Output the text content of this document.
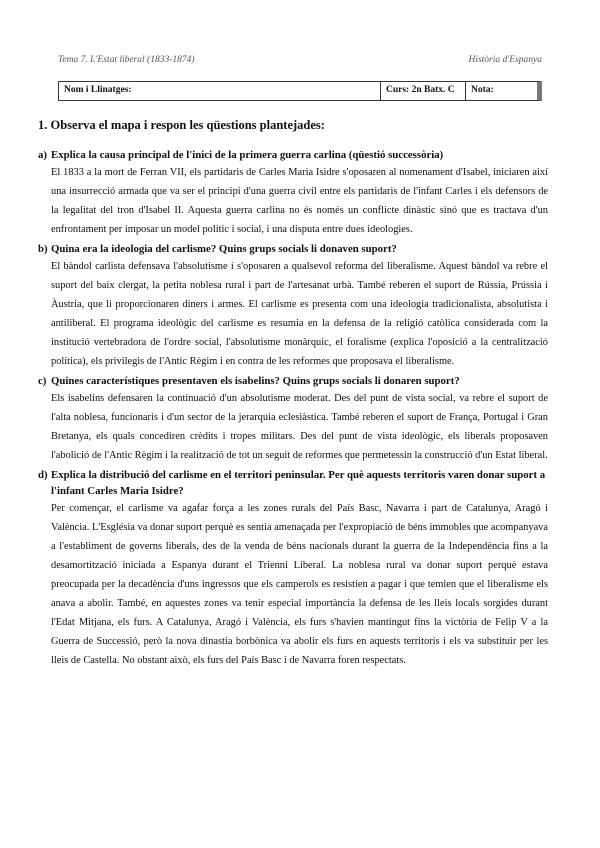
Tema 7. L'Estat liberal (1833-1874)	Història d'Espanya
Nom i Llinatges:	Curs: 2n Batx. C	Nota:

1. Observa el mapa i respon les qüestions plantejades:

a) Explica la causa principal de l'inici de la primera guerra carlina (qüestió successòria)

El 1833 a la mort de Ferran VII, els partidaris de Carles Maria Isidre s'oposaren al nomenament d'Isabel, iniciaren així una insurrecció armada que va ser el principi d'una guerra civil entre els partidaris de l'infant Carles i els defensors de la legalitat del tron d'Isabel II. Aquesta guerra carlina no és només un conflicte dinàstic sinó que es tractava d'un enfrontament per imposar un model polític i social, i una disputa entre dues ideologies.

b) Quina era la ideologia del carlisme? Quins grups socials li donaven suport?

El bàndol carlista defensava l'absolutisme i s'oposaren a qualsevol reforma del liberalisme. Aquest bàndol va rebre el suport del baix clergat, la petita noblesa rural i part de l'artesanat urbà. També reberen el suport de Rússia, Prússia i Àustria, que li proporcionaren diners i armes. El carlisme es presenta com una ideologia tradicionalista, absolutista i antiliberal. El programa ideològic del carlisme es resumia en la defensa de la religió catòlica considerada com la institució vertebradora de l'ordre social, l'absolutisme monàrquic, el foralisme (explica l'oposició a la centralització política), els privilegis de l'Antic Règim i en contra de les reformes que proposava el liberalisme.

c) Quines característiques presentaven els isabelins? Quins grups socials li donaren suport?

Els isabelins defensaren la continuació d'un absolutisme moderat. Des del punt de vista social, va rebre el suport de l'alta noblesa, funcionaris i d'un sector de la jerarquia eclesiàstica. També reberen el suport de França, Portugal i Gran Bretanya, els quals concediren crèdits i tropes militars. Des del punt de vista ideològic, els liberals proposaven l'abolició de l'Antic Règim i la realització de tot un seguit de reformes que permetessin la construcció d'un Estat liberal.

d) Explica la distribució del carlisme en el territori peninsular. Per què aquests territoris varen donar suport a l'infant Carles Maria Isidre?

Per començar, el carlisme va agafar força a les zones rurals del País Basc, Navarra i part de Catalunya, Aragó i València. L'Església va donar suport perquè es sentia amenaçada per l'expropiació de béns immobles que acompanyava a l'establiment de governs liberals, des de la venda de béns nacionals durant la guerra de la Independència fins a la desamortització iniciada a Espanya durant el Trienni Liberal. La noblesa rural va donar suport perquè estava preocupada per la decadència d'uns ingressos que els camperols es resistien a pagar i que temien que el liberalisme els anava a abolir. També, en aquestes zones va tenir especial importància la defensa de les lleis locals sorgides durant l'Edat Mitjana, els furs. A Catalunya, Aragó i València, els furs s'havien mantingut fins la victòria de Felip V a la Guerra de Successió, però la nova dinastia borbònica va abolir els furs en aquests territoris i els va substituir per les lleis de Castella. No obstant això, els furs del País Basc i de Navarra foren respectats.
